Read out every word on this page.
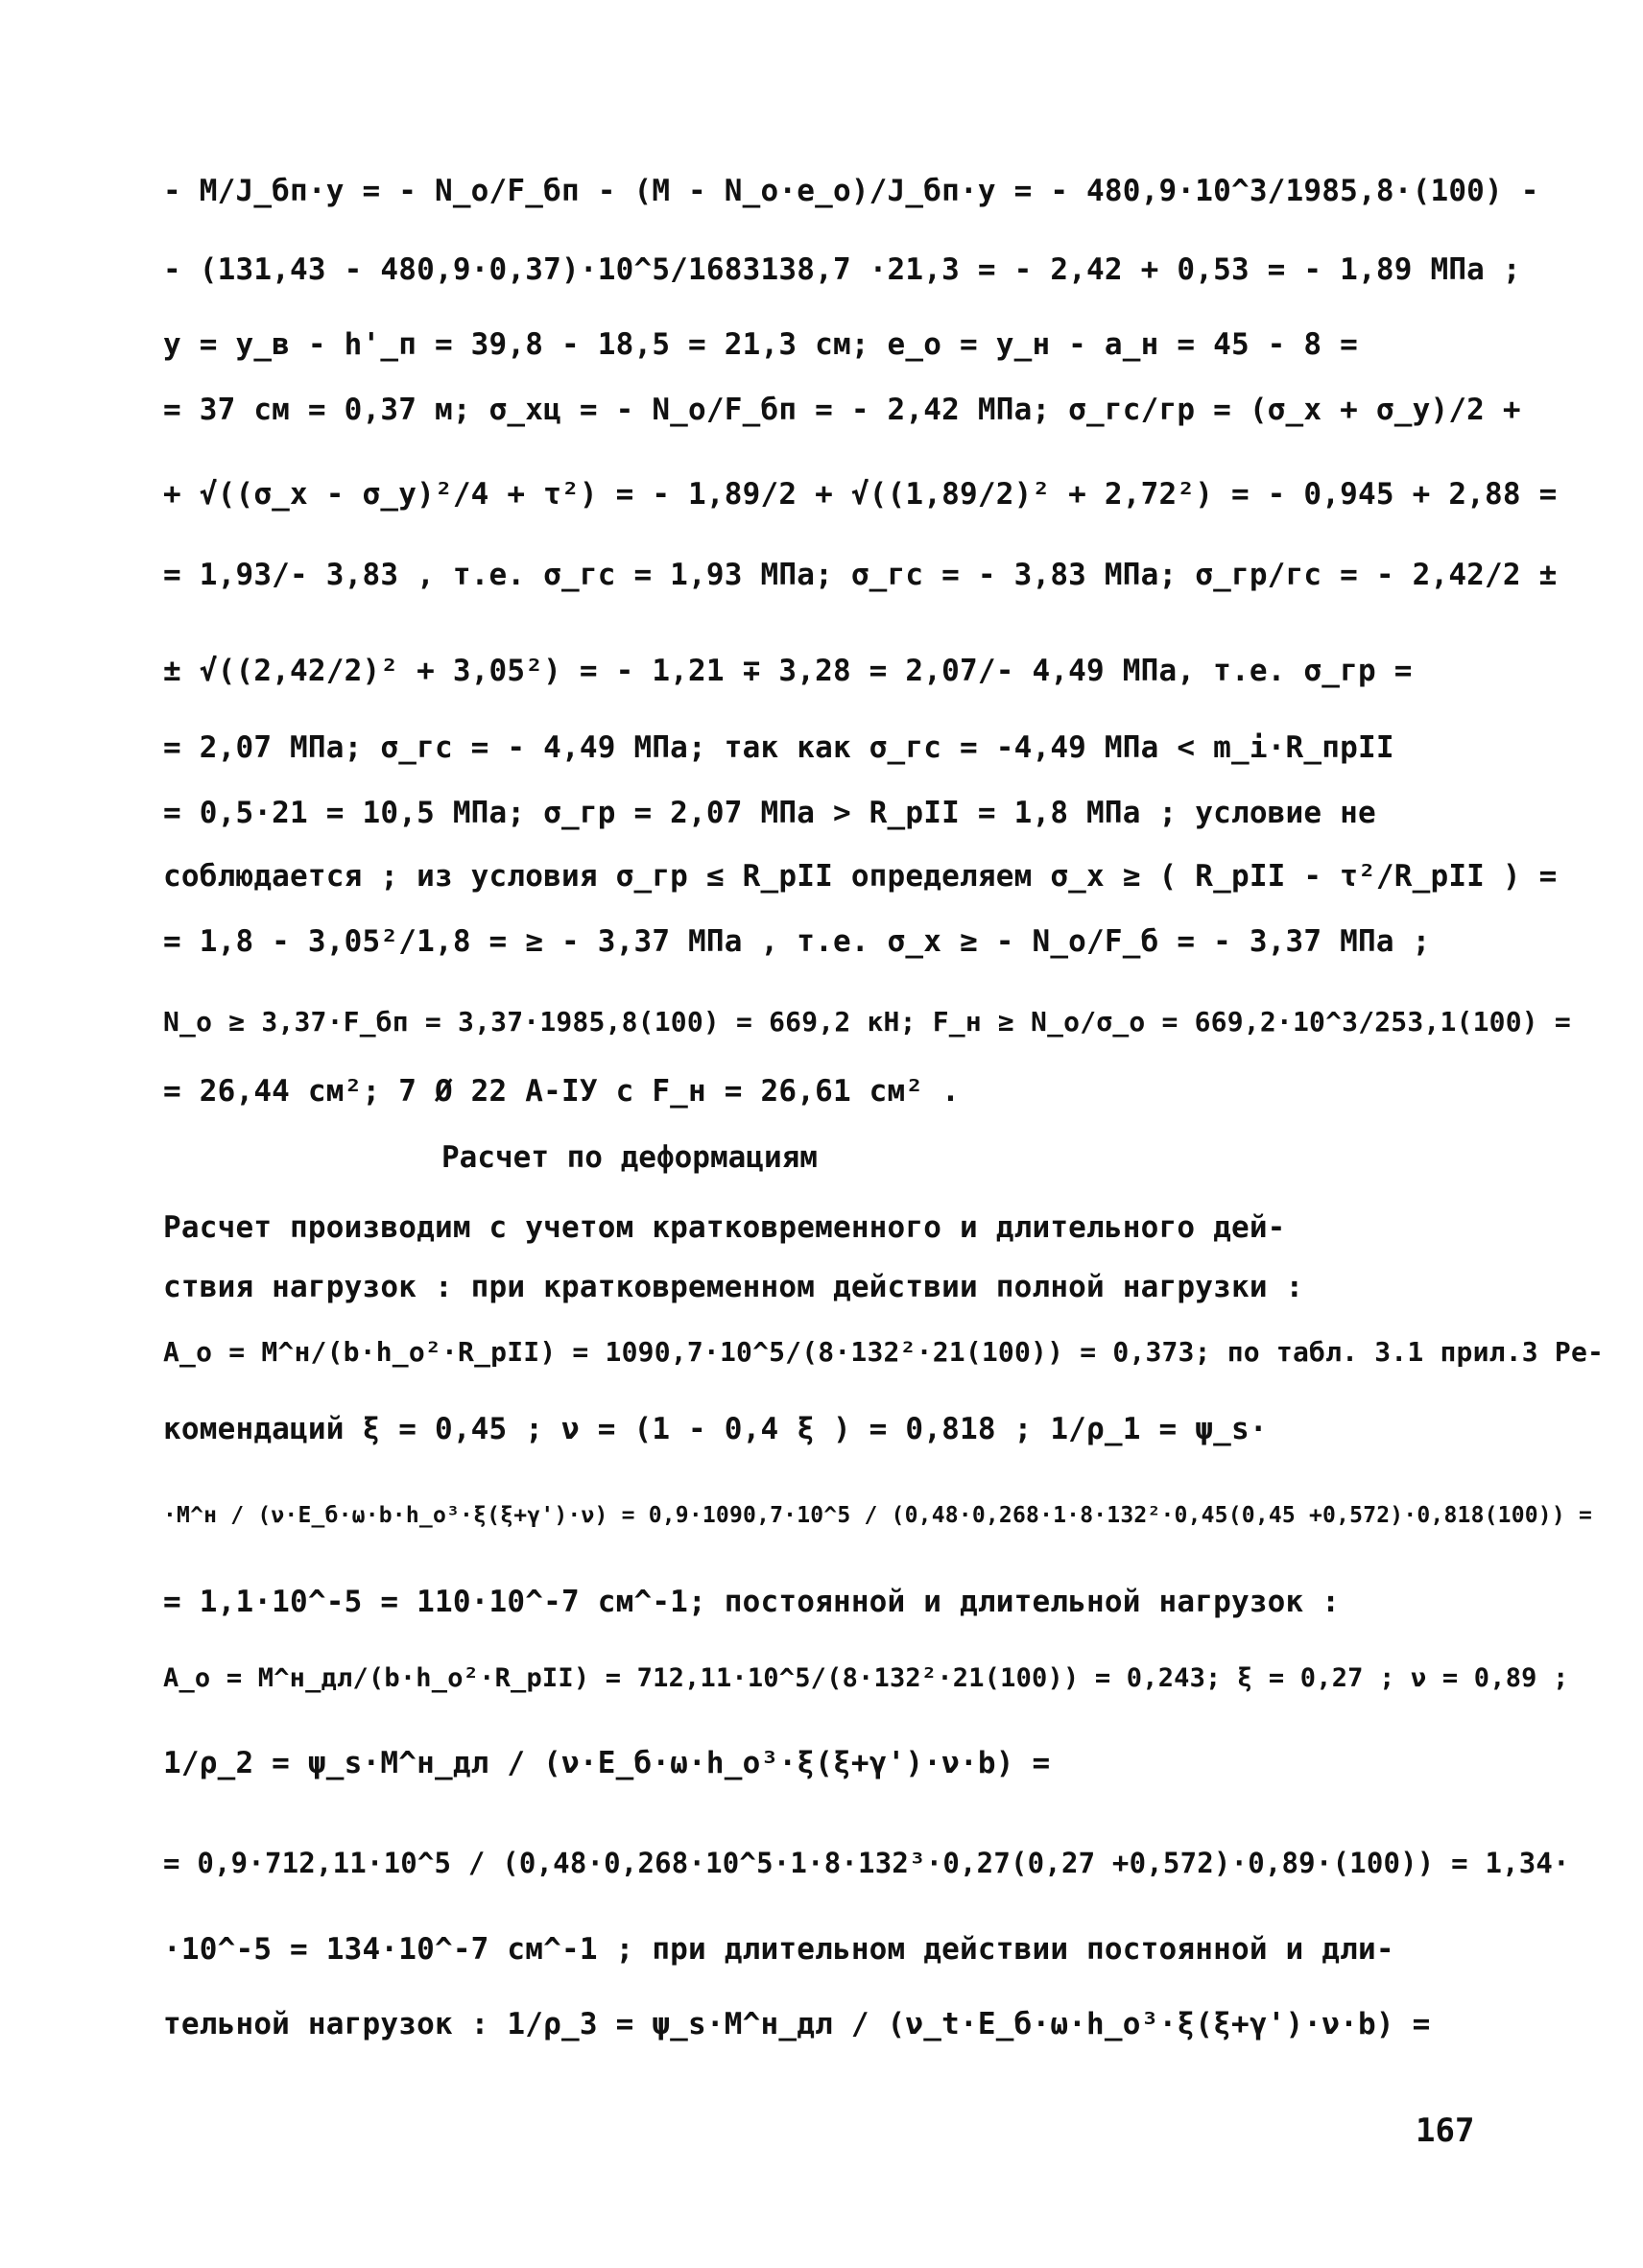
- M/J_бп·y = - N_o/F_бп - (M - N_o·e_o)/J_бп·y = - 480,9·10^3/1985,8·(100) -
- (131,43 - 480,9·0,37)·10^5/1683138,7 ·21,3 = - 2,42 + 0,53 = - 1,89 МПа ;
y = y_в - h'_п = 39,8 - 18,5 = 21,3 см; e_o = y_н - a_н = 45 - 8 =
= 37 см = 0,37 м; σ_xц = - N_o/F_бп = - 2,42 МПа; σ_гс/гр = (σ_x + σ_y)/2 +
+ √((σ_x - σ_y)²/4 + τ²) = - 1,89/2 + √((1,89/2)² + 2,72²) = - 0,945 + 2,88 =
= 1,93/- 3,83 , т.е. σ_гс = 1,93 МПа; σ_гс = - 3,83 МПа; σ_гр/гс = - 2,42/2 ±
± √((2,42/2)² + 3,05²) = - 1,21 ∓ 3,28 = 2,07/- 4,49 МПа, т.е. σ_гр =
= 2,07 МПа; σ_гс = - 4,49 МПа; так как σ_гс = -4,49 МПа < m_i·R_прII
= 0,5·21 = 10,5 МПа; σ_гр = 2,07 МПа > R_рII = 1,8 МПа ; условие не
соблюдается ; из условия σ_гр ≤ R_рII определяем σ_x ≥ ( R_рII - τ²/R_рII ) =
= 1,8 - 3,05²/1,8 = ≥ - 3,37 МПа , т.е. σ_x ≥ - N_o/F_б = - 3,37 МПа ;
N_o ≥ 3,37·F_бп = 3,37·1985,8(100) = 669,2 кН; F_н ≥ N_o/σ_o = 669,2·10^3/253,1(100) =
= 26,44 см²; 7 Ø 22 А-IУ с F_н = 26,61 см² .
Расчет по деформациям
Расчет производим с учетом кратковременного и длительного дей-
ствия нагрузок : при кратковременном действии полной нагрузки :
A_o = M^н/(b·h_o²·R_рII) = 1090,7·10^5/(8·132²·21(100)) = 0,373; по табл. 3.1 прил.3 Ре-
комендаций ξ = 0,45 ; ν = (1 - 0,4 ξ ) = 0,818 ; 1/ρ_1 = ψ_s·
·M^н / (ν·E_б·ω·b·h_o³·ξ(ξ+γ')·ν) = 0,9·1090,7·10^5 / (0,48·0,268·1·8·132²·0,45(0,45 +0,572)·0,818(100)) =
= 1,1·10^-5 = 110·10^-7 см^-1; постоянной и длительной нагрузок :
A_o = M^н_дл/(b·h_o²·R_рII) = 712,11·10^5/(8·132²·21(100)) = 0,243; ξ = 0,27 ; ν = 0,89 ;
1/ρ_2 = ψ_s·M^н_дл / (ν·E_б·ω·h_o³·ξ(ξ+γ')·ν·b) =
= 0,9·712,11·10^5 / (0,48·0,268·10^5·1·8·132³·0,27(0,27 +0,572)·0,89·(100)) = 1,34·
·10^-5 = 134·10^-7 см^-1 ; при длительном действии постоянной и дли-
тельной нагрузок : 1/ρ_3 = ψ_s·M^н_дл / (ν_t·E_б·ω·h_o³·ξ(ξ+γ')·ν·b) =
167
